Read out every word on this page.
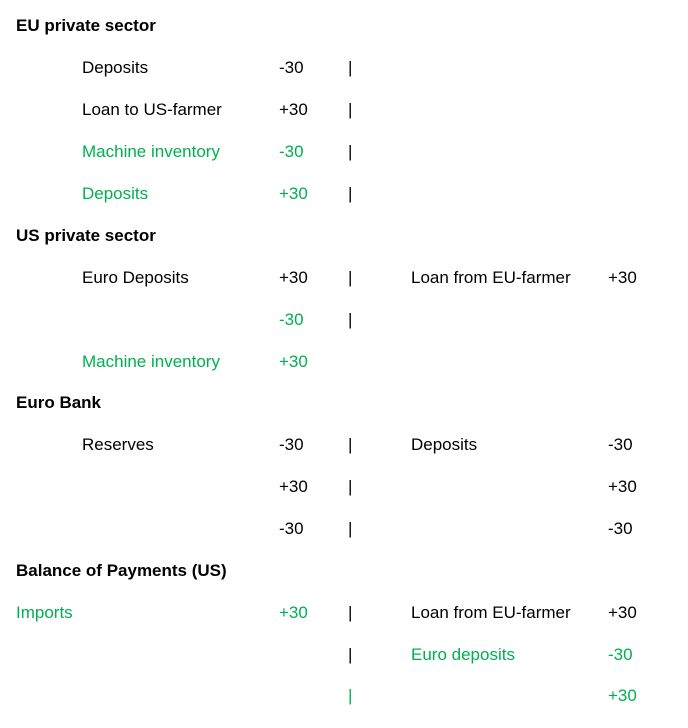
EU private sector
Deposits	-30	|
Loan to US-farmer	+30 |
Machine inventory	-30	|
Deposits	+30 |
US private sector
Euro Deposits	+30 |	Loan from EU-farmer +30
-30	|
Machine inventory	+30
Euro Bank
Reserves	-30	|	Deposits	-30
+30 |	+30
-30	|	-30
Balance of Payments (US)
Imports	+30 |	Loan from EU-farmer +30
|	Euro deposits	-30
|	+30
